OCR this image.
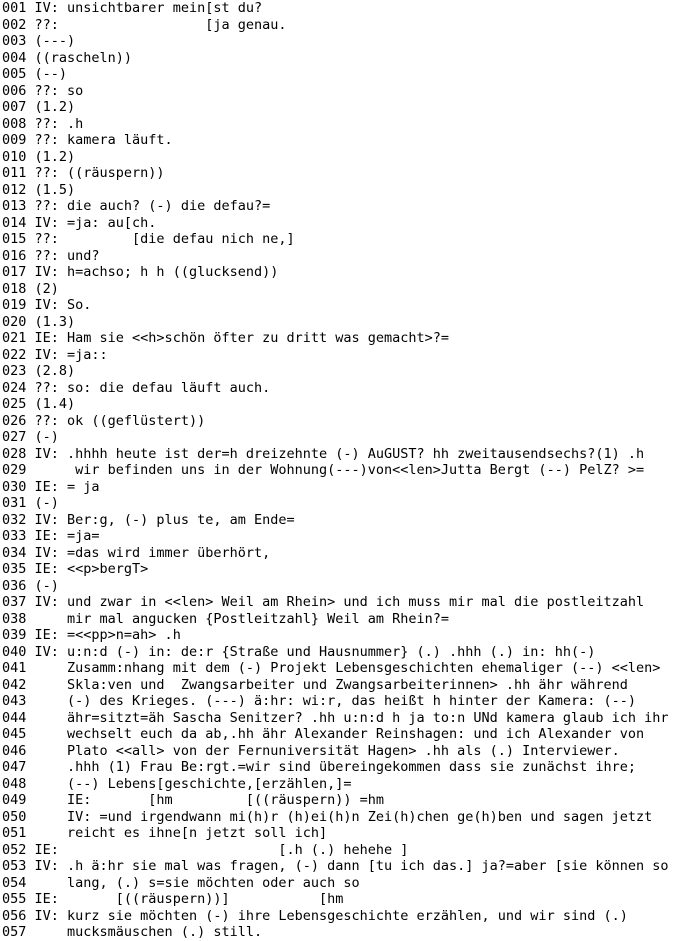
001 IV: unsichtbarer mein[st du?
002 ??:                  [ja genau.
003 (---)
004 ((rascheln))
005 (--)
006 ??: so
007 (1.2)
008 ??: .h
009 ??: kamera läuft.
010 (1.2)
011 ??: ((räuspern))
012 (1.5)
013 ??: die auch? (-) die defau?=
014 IV: =ja: au[ch.
015 ??:         [die defau nich ne,]
016 ??: und?
017 IV: h=achso; h h ((glucksend))
018 (2)
019 IV: So.
020 (1.3)
021 IE: Ham sie <<h>schön öfter zu dritt was gemacht>?=
022 IV: =ja::
023 (2.8)
024 ??: so: die defau läuft auch.
025 (1.4)
026 ??: ok ((geflüstert))
027 (-)
028 IV: .hhhh heute ist der=h dreizehnte (-) AuGUST? hh zweitausendsechs?(1) .h
029      wir befinden uns in der Wohnung(---)von<<len>Jutta Bergt (--) PelZ? >=
030 IE: = ja
031 (-)
032 IV: Ber:g, (-) plus te, am Ende=
033 IE: =ja=
034 IV: =das wird immer überhört,
035 IE: <<p>bergT>
036 (-)
037 IV: und zwar in <<len> Weil am Rhein> und ich muss mir mal die postleitzahl
038     mir mal angucken {Postleitzahl} Weil am Rhein?=
039 IE: =<<pp>n=ah> .h
040 IV: u:n:d (-) in: de:r {Straße und Hausnummer} (.) .hhh (.) in: hh(-)
041     Zusamm:nhang mit dem (-) Projekt Lebensgeschichten ehemaliger (--) <<len>
042     Skla:ven und  Zwangsarbeiter und Zwangsarbeiterinnen> .hh ähr während
043     (-) des Krieges. (---) ä:hr: wi:r, das heißt h hinter der Kamera: (--)
044     ähr=sitzt=äh Sascha Senitzer? .hh u:n:d h ja to:n UNd kamera glaub ich ihr
045     wechselt euch da ab,.hh ähr Alexander Reinshagen: und ich Alexander von
046     Plato <<all> von der Fernuniversität Hagen> .hh als (.) Interviewer.
047     .hhh (1) Frau Be:rgt.=wir sind übereingekommen dass sie zunächst ihre;
048     (--) Lebens[geschichte,[erzählen,]=
049     IE:       [hm         [((räuspern)) =hm
050     IV: =und irgendwann mi(h)r (h)ei(h)n Zei(h)chen ge(h)ben und sagen jetzt
051     reicht es ihne[n jetzt soll ich]
052 IE:                           [.h (.) hehehe ]
053 IV: .h ä:hr sie mal was fragen, (-) dann [tu ich das.] ja?=aber [sie können so
054     lang, (.) s=sie möchten oder auch so
055 IE:       [((räuspern))]           [hm
056 IV: kurz sie möchten (-) ihre Lebensgeschichte erzählen, und wir sind (.)
057     mucksmäuschen (.) still.
